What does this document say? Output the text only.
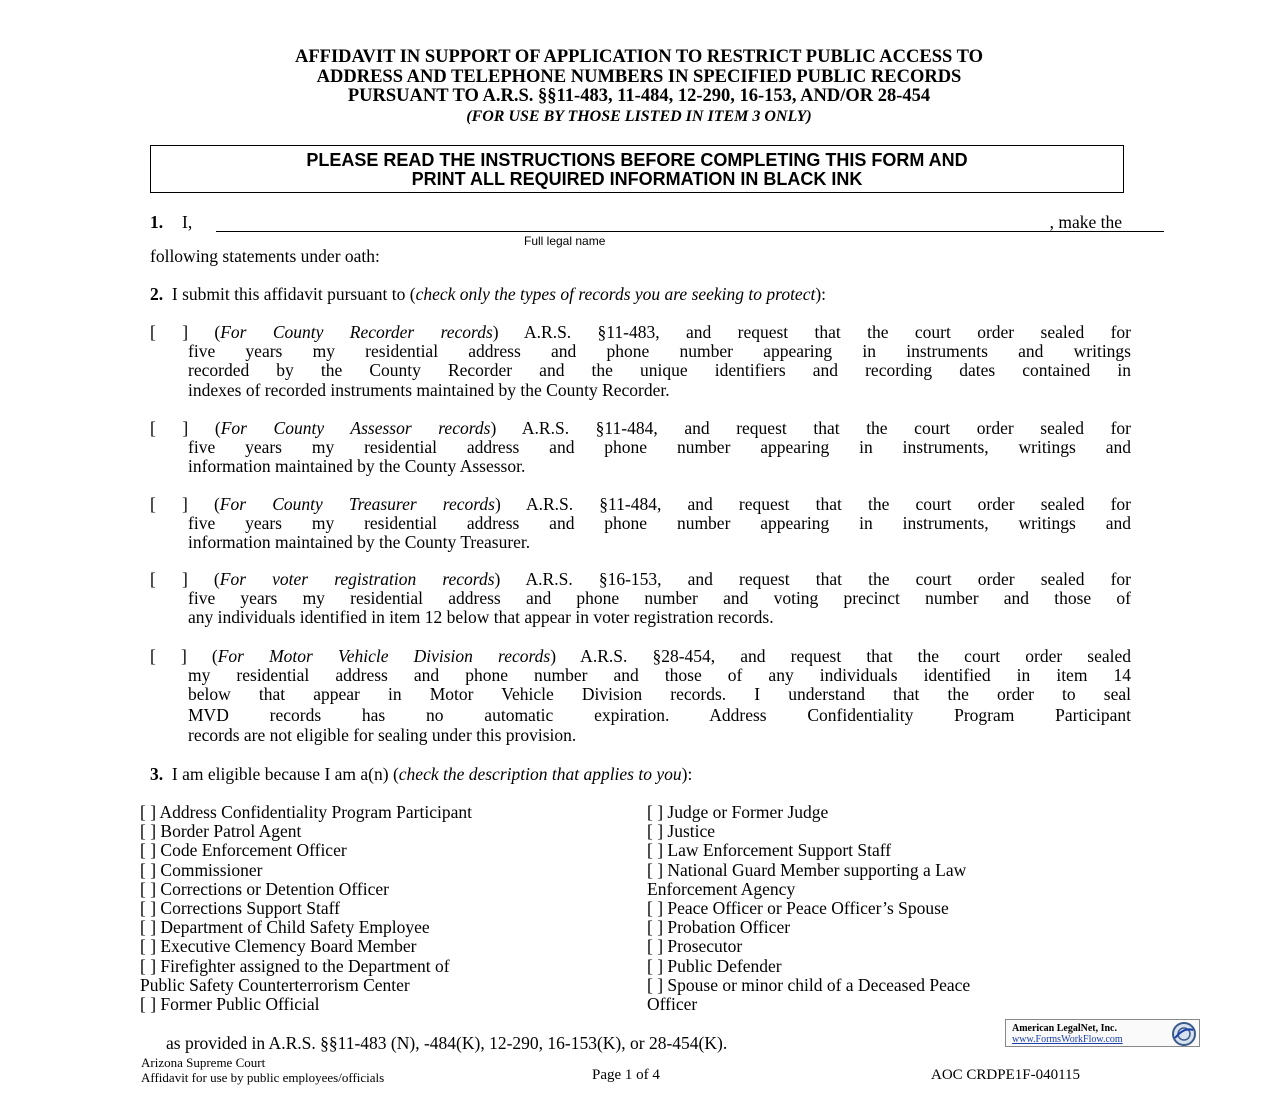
AFFIDAVIT IN SUPPORT OF APPLICATION TO RESTRICT PUBLIC ACCESS TO
ADDRESS AND TELEPHONE NUMBERS IN SPECIFIED PUBLIC RECORDS
PURSUANT TO A.R.S. §§11-483, 11-484, 12-290, 16-153, AND/OR 28-454
(FOR USE BY THOSE LISTED IN ITEM 3 ONLY)
PLEASE READ THE INSTRUCTIONS BEFORE COMPLETING THIS FORM AND
PRINT ALL REQUIRED INFORMATION IN BLACK INK
1. I,	, make the
Full legal name
following statements under oath:
2. I submit this affidavit pursuant to (check only the types of records you are seeking to protect):
[ ] (For County Recorder records) A.R.S. §11-483, and request that the court order sealed for
five years my residential address and phone number appearing in instruments and writings
recorded by the County Recorder and the unique identifiers and recording dates contained in
indexes of recorded instruments maintained by the County Recorder.
[ ] (For County Assessor records) A.R.S. §11-484, and request that the court order sealed for
five years my residential address and phone number appearing in instruments, writings and
information maintained by the County Assessor.
[ ] (For County Treasurer records) A.R.S. §11-484, and request that the court order sealed for
five years my residential address and phone number appearing in instruments, writings and
information maintained by the County Treasurer.
[ ] (For voter registration records) A.R.S. §16-153, and request that the court order sealed for
five years my residential address and phone number and voting precinct number and those of
any individuals identified in item 12 below that appear in voter registration records.
[ ] (For Motor Vehicle Division records) A.R.S. §28-454, and request that the court order sealed
my residential address and phone number and those of any individuals identified in item 14
below that appear in Motor Vehicle Division records. I understand that the order to seal
MVD records has no automatic expiration. Address Confidentiality Program Participant
records are not eligible for sealing under this provision.
3. I am eligible because I am a(n) (check the description that applies to you):
[ ] Address Confidentiality Program Participant
[ ] Border Patrol Agent
[ ] Code Enforcement Officer
[ ] Commissioner
[ ] Corrections or Detention Officer
[ ] Corrections Support Staff
[ ] Department of Child Safety Employee
[ ] Executive Clemency Board Member
[ ] Firefighter assigned to the Department of
Public Safety Counterterrorism Center
[ ] Former Public Official
[ ] Judge or Former Judge
[ ] Justice
[ ] Law Enforcement Support Staff
[ ] National Guard Member supporting a Law
Enforcement Agency
[ ] Peace Officer or Peace Officer’s Spouse
[ ] Probation Officer
[ ] Prosecutor
[ ] Public Defender
[ ] Spouse or minor child of a Deceased Peace
Officer
as provided in A.R.S. §§11-483 (N), -484(K), 12-290, 16-153(K), or 28-454(K).
American LegalNet, Inc.
www.FormsWorkFlow.com
Arizona Supreme Court
Affidavit for use by public employees/officials	Page 1 of 4	AOC CRDPE1F-040115
